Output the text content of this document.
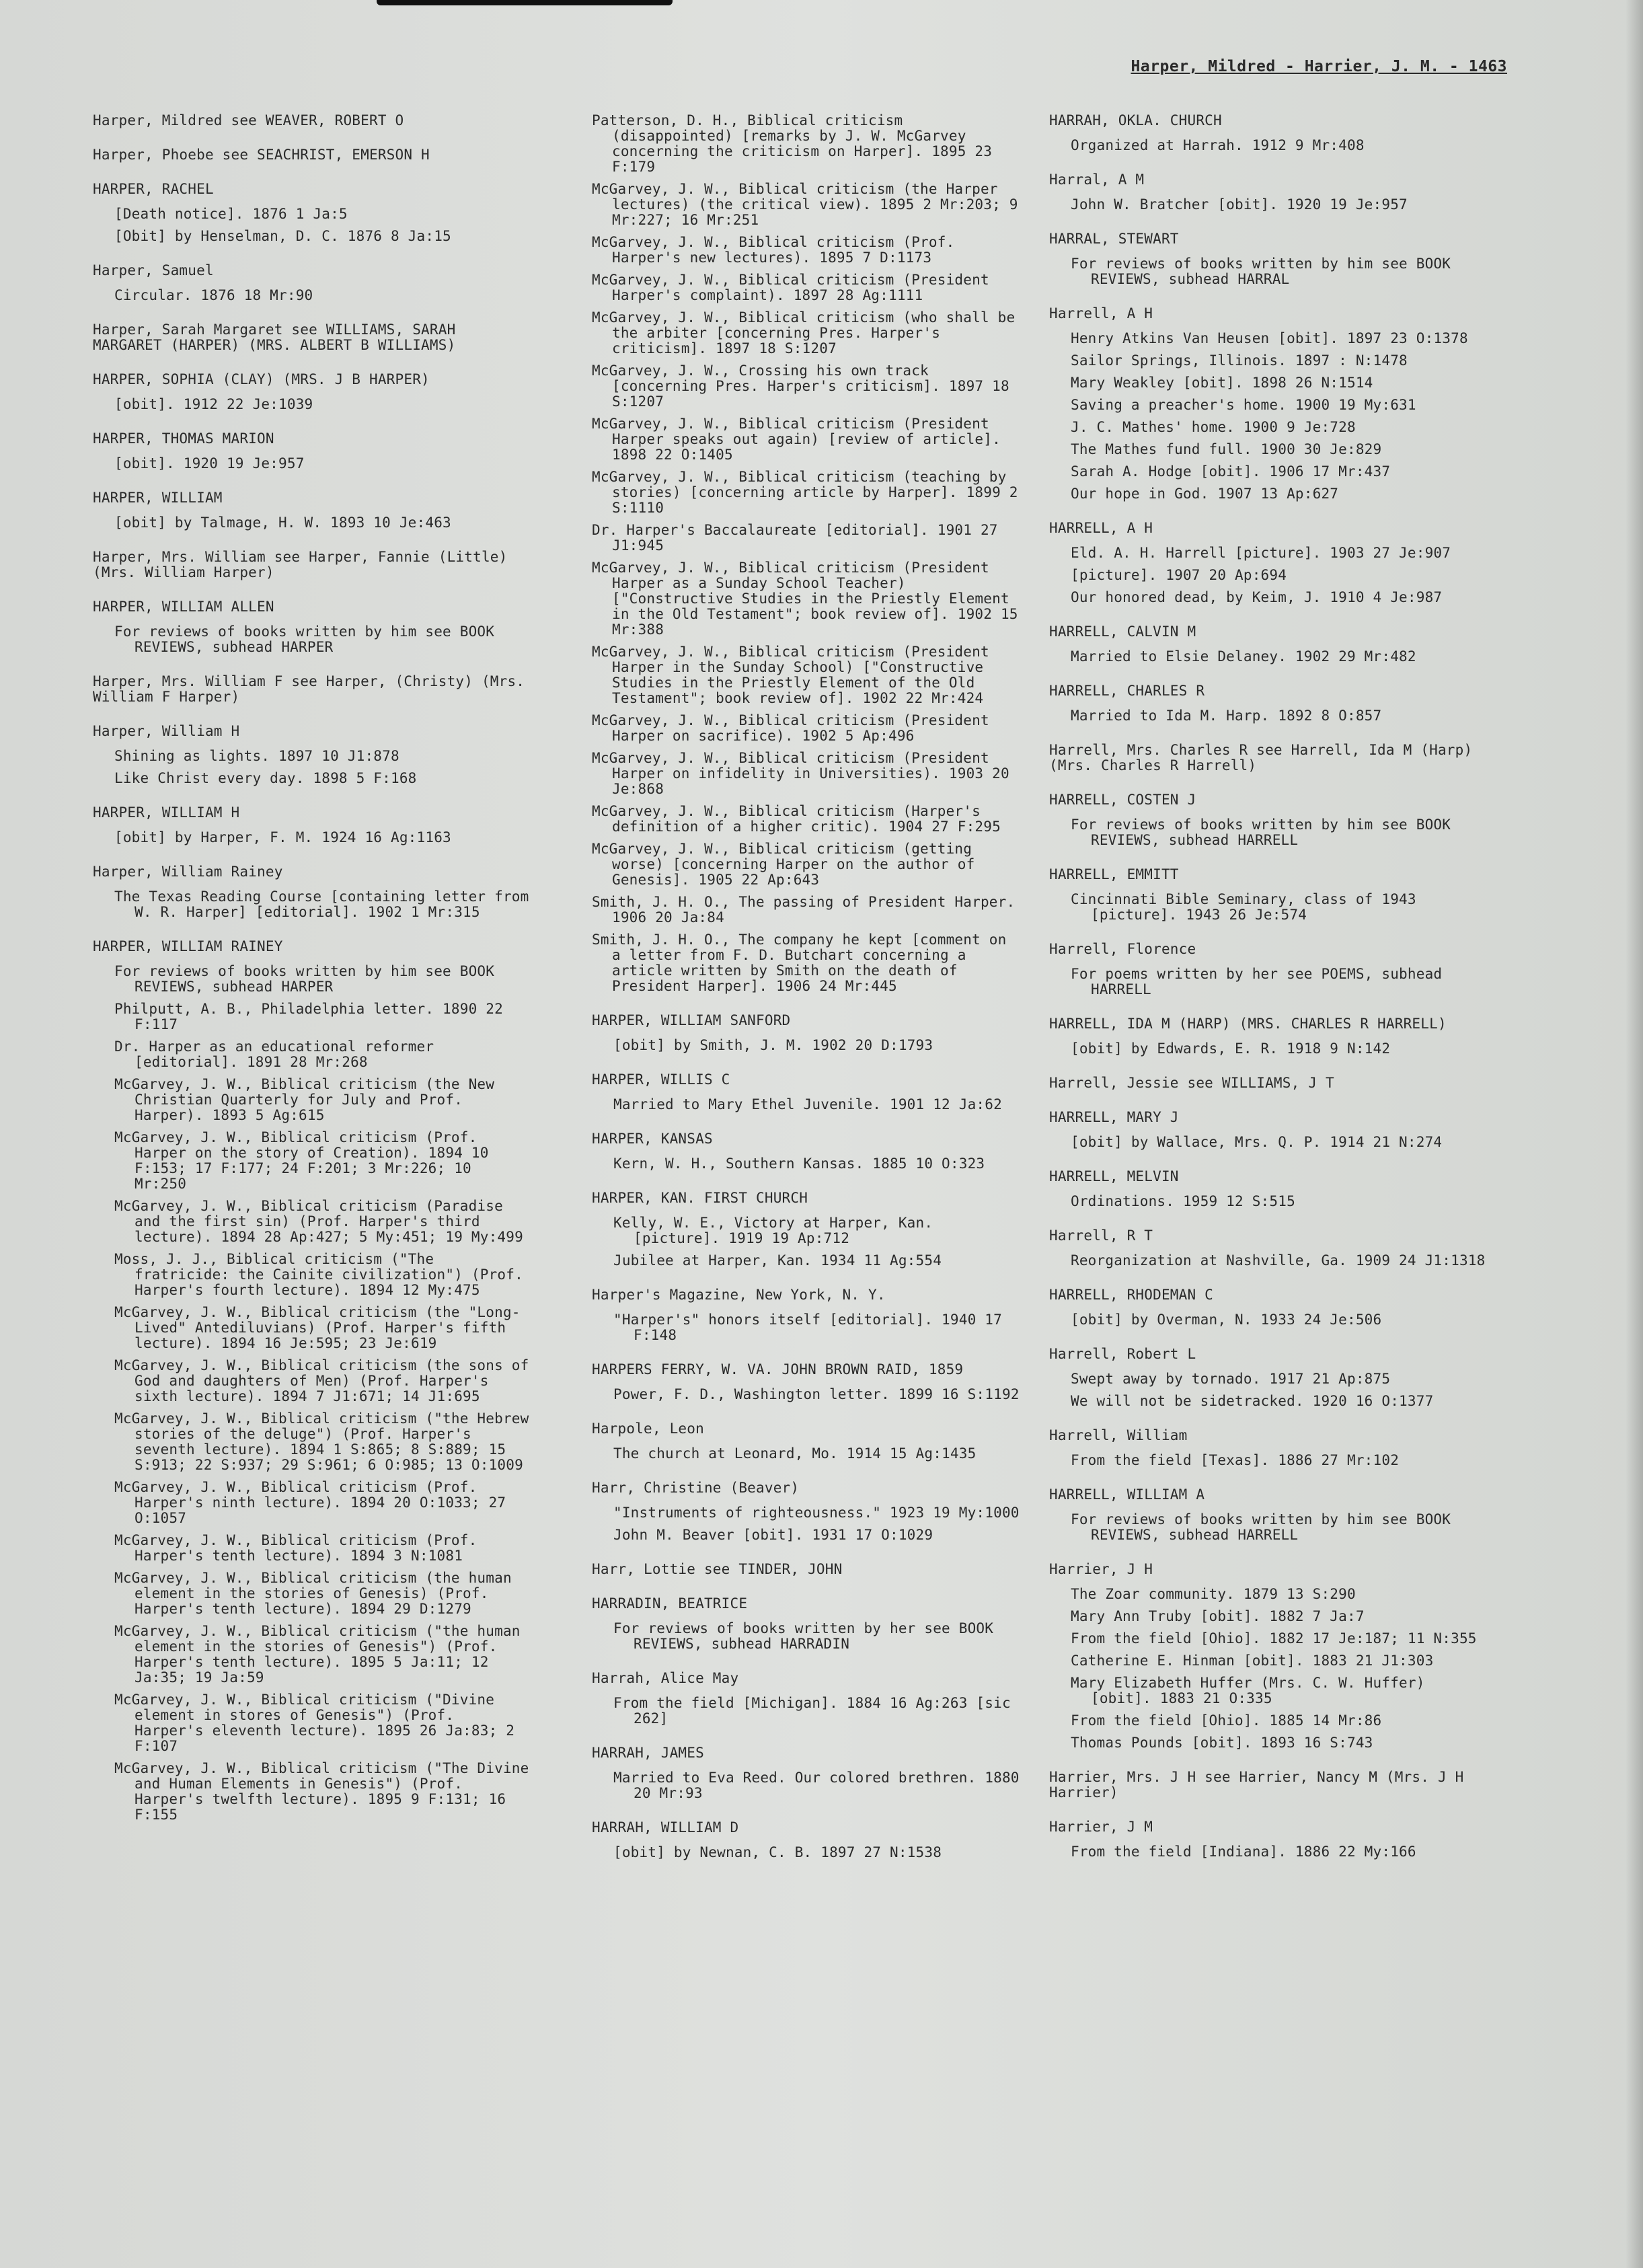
Harper, Mildred - Harrier, J. M. - 1463
Harper, Mildred see WEAVER, ROBERT O
Harper, Phoebe see SEACHRIST, EMERSON H
HARPER, RACHEL
[Death notice]. 1876 1 Ja:5
[Obit] by Henselman, D. C. 1876 8 Ja:15
Harper, Samuel
Circular. 1876 18 Mr:90
Harper, Sarah Margaret see WILLIAMS, SARAH MARGARET (HARPER) (MRS. ALBERT B WILLIAMS)
HARPER, SOPHIA (CLAY) (MRS. J B HARPER)
[obit]. 1912 22 Je:1039
HARPER, THOMAS MARION
[obit]. 1920 19 Je:957
HARPER, WILLIAM
[obit] by Talmage, H. W. 1893 10 Je:463
Harper, Mrs. William see Harper, Fannie (Little) (Mrs. William Harper)
HARPER, WILLIAM ALLEN
For reviews of books written by him see BOOK REVIEWS, subhead HARPER
Harper, Mrs. William F see Harper, (Christy) (Mrs. William F Harper)
Harper, William H
Shining as lights. 1897 10 J1:878
Like Christ every day. 1898 5 F:168
HARPER, WILLIAM H
[obit] by Harper, F. M. 1924 16 Ag:1163
Harper, William Rainey
The Texas Reading Course [containing letter from W. R. Harper] [editorial]. 1902 1 Mr:315
HARPER, WILLIAM RAINEY
For reviews of books written by him see BOOK REVIEWS, subhead HARPER
Philputt, A. B., Philadelphia letter. 1890 22 F:117
Dr. Harper as an educational reformer [editorial]. 1891 28 Mr:268
McGarvey, J. W., Biblical criticism (the New Christian Quarterly for July and Prof. Harper). 1893 5 Ag:615
McGarvey, J. W., Biblical criticism (Prof. Harper on the story of Creation). 1894 10 F:153; 17 F:177; 24 F:201; 3 Mr:226; 10 Mr:250
McGarvey, J. W., Biblical criticism (Paradise and the first sin) (Prof. Harper's third lecture). 1894 28 Ap:427; 5 My:451; 19 My:499
Moss, J. J., Biblical criticism ("The fratricide: the Cainite civilization") (Prof. Harper's fourth lecture). 1894 12 My:475
McGarvey, J. W., Biblical criticism (the "Long-Lived" Antediluvians) (Prof. Harper's fifth lecture). 1894 16 Je:595; 23 Je:619
McGarvey, J. W., Biblical criticism (the sons of God and daughters of Men) (Prof. Harper's sixth lecture). 1894 7 J1:671; 14 J1:695
McGarvey, J. W., Biblical criticism ("the Hebrew stories of the deluge") (Prof. Harper's seventh lecture). 1894 1 S:865; 8 S:889; 15 S:913; 22 S:937; 29 S:961; 6 O:985; 13 O:1009
McGarvey, J. W., Biblical criticism (Prof. Harper's ninth lecture). 1894 20 O:1033; 27 O:1057
McGarvey, J. W., Biblical criticism (Prof. Harper's tenth lecture). 1894 3 N:1081
McGarvey, J. W., Biblical criticism (the human element in the stories of Genesis) (Prof. Harper's tenth lecture). 1894 29 D:1279
McGarvey, J. W., Biblical criticism ("the human element in the stories of Genesis") (Prof. Harper's tenth lecture). 1895 5 Ja:11; 12 Ja:35; 19 Ja:59
McGarvey, J. W., Biblical criticism ("Divine element in stores of Genesis") (Prof. Harper's eleventh lecture). 1895 26 Ja:83; 2 F:107
McGarvey, J. W., Biblical criticism ("The Divine and Human Elements in Genesis") (Prof. Harper's twelfth lecture). 1895 9 F:131; 16 F:155
Patterson, D. H., Biblical criticism (disappointed) [remarks by J. W. McGarvey concerning the criticism on Harper]. 1895 23 F:179
McGarvey, J. W., Biblical criticism (the Harper lectures) (the critical view). 1895 2 Mr:203; 9 Mr:227; 16 Mr:251
McGarvey, J. W., Biblical criticism (Prof. Harper's new lectures). 1895 7 D:1173
McGarvey, J. W., Biblical criticism (President Harper's complaint). 1897 28 Ag:1111
McGarvey, J. W., Biblical criticism (who shall be the arbiter [concerning Pres. Harper's criticism]. 1897 18 S:1207
McGarvey, J. W., Crossing his own track [concerning Pres. Harper's criticism]. 1897 18 S:1207
McGarvey, J. W., Biblical criticism (President Harper speaks out again) [review of article]. 1898 22 O:1405
McGarvey, J. W., Biblical criticism (teaching by stories) [concerning article by Harper]. 1899 2 S:1110
Dr. Harper's Baccalaureate [editorial]. 1901 27 J1:945
McGarvey, J. W., Biblical criticism (President Harper as a Sunday School Teacher) ["Constructive Studies in the Priestly Element in the Old Testament"; book review of]. 1902 15 Mr:388
McGarvey, J. W., Biblical criticism (President Harper in the Sunday School) ["Constructive Studies in the Priestly Element of the Old Testament"; book review of]. 1902 22 Mr:424
McGarvey, J. W., Biblical criticism (President Harper on sacrifice). 1902 5 Ap:496
McGarvey, J. W., Biblical criticism (President Harper on infidelity in Universities). 1903 20 Je:868
McGarvey, J. W., Biblical criticism (Harper's definition of a higher critic). 1904 27 F:295
McGarvey, J. W., Biblical criticism (getting worse) [concerning Harper on the author of Genesis]. 1905 22 Ap:643
Smith, J. H. O., The passing of President Harper. 1906 20 Ja:84
Smith, J. H. O., The company he kept [comment on a letter from F. D. Butchart concerning a article written by Smith on the death of President Harper]. 1906 24 Mr:445
HARPER, WILLIAM SANFORD
[obit] by Smith, J. M. 1902 20 D:1793
HARPER, WILLIS C
Married to Mary Ethel Juvenile. 1901 12 Ja:62
HARPER, KANSAS
Kern, W. H., Southern Kansas. 1885 10 O:323
HARPER, KAN. FIRST CHURCH
Kelly, W. E., Victory at Harper, Kan. [picture]. 1919 19 Ap:712
Jubilee at Harper, Kan. 1934 11 Ag:554
Harper's Magazine, New York, N. Y.
"Harper's" honors itself [editorial]. 1940 17 F:148
HARPERS FERRY, W. VA. JOHN BROWN RAID, 1859
Power, F. D., Washington letter. 1899 16 S:1192
Harpole, Leon
The church at Leonard, Mo. 1914 15 Ag:1435
Harr, Christine (Beaver)
"Instruments of righteousness." 1923 19 My:1000
John M. Beaver [obit]. 1931 17 O:1029
Harr, Lottie see TINDER, JOHN
HARRADIN, BEATRICE
For reviews of books written by her see BOOK REVIEWS, subhead HARRADIN
Harrah, Alice May
From the field [Michigan]. 1884 16 Ag:263 [sic 262]
HARRAH, JAMES
Married to Eva Reed. Our colored brethren. 1880 20 Mr:93
HARRAH, WILLIAM D
[obit] by Newnan, C. B. 1897 27 N:1538
HARRAH, OKLA. CHURCH
Organized at Harrah. 1912 9 Mr:408
Harral, A M
John W. Bratcher [obit]. 1920 19 Je:957
HARRAL, STEWART
For reviews of books written by him see BOOK REVIEWS, subhead HARRAL
Harrell, A H
Henry Atkins Van Heusen [obit]. 1897 23 O:1378
Sailor Springs, Illinois. 1897 : N:1478
Mary Weakley [obit]. 1898 26 N:1514
Saving a preacher's home. 1900 19 My:631
J. C. Mathes' home. 1900 9 Je:728
The Mathes fund full. 1900 30 Je:829
Sarah A. Hodge [obit]. 1906 17 Mr:437
Our hope in God. 1907 13 Ap:627
HARRELL, A H
Eld. A. H. Harrell [picture]. 1903 27 Je:907
[picture]. 1907 20 Ap:694
Our honored dead, by Keim, J. 1910 4 Je:987
HARRELL, CALVIN M
Married to Elsie Delaney. 1902 29 Mr:482
HARRELL, CHARLES R
Married to Ida M. Harp. 1892 8 O:857
Harrell, Mrs. Charles R see Harrell, Ida M (Harp) (Mrs. Charles R Harrell)
HARRELL, COSTEN J
For reviews of books written by him see BOOK REVIEWS, subhead HARRELL
HARRELL, EMMITT
Cincinnati Bible Seminary, class of 1943 [picture]. 1943 26 Je:574
Harrell, Florence
For poems written by her see POEMS, subhead HARRELL
HARRELL, IDA M (HARP) (MRS. CHARLES R HARRELL)
[obit] by Edwards, E. R. 1918 9 N:142
Harrell, Jessie see WILLIAMS, J T
HARRELL, MARY J
[obit] by Wallace, Mrs. Q. P. 1914 21 N:274
HARRELL, MELVIN
Ordinations. 1959 12 S:515
Harrell, R T
Reorganization at Nashville, Ga. 1909 24 J1:1318
HARRELL, RHODEMAN C
[obit] by Overman, N. 1933 24 Je:506
Harrell, Robert L
Swept away by tornado. 1917 21 Ap:875
We will not be sidetracked. 1920 16 O:1377
Harrell, William
From the field [Texas]. 1886 27 Mr:102
HARRELL, WILLIAM A
For reviews of books written by him see BOOK REVIEWS, subhead HARRELL
Harrier, J H
The Zoar community. 1879 13 S:290
Mary Ann Truby [obit]. 1882 7 Ja:7
From the field [Ohio]. 1882 17 Je:187; 11 N:355
Catherine E. Hinman [obit]. 1883 21 J1:303
Mary Elizabeth Huffer (Mrs. C. W. Huffer) [obit]. 1883 21 O:335
From the field [Ohio]. 1885 14 Mr:86
Thomas Pounds [obit]. 1893 16 S:743
Harrier, Mrs. J H see Harrier, Nancy M (Mrs. J H Harrier)
Harrier, J M
From the field [Indiana]. 1886 22 My:166
